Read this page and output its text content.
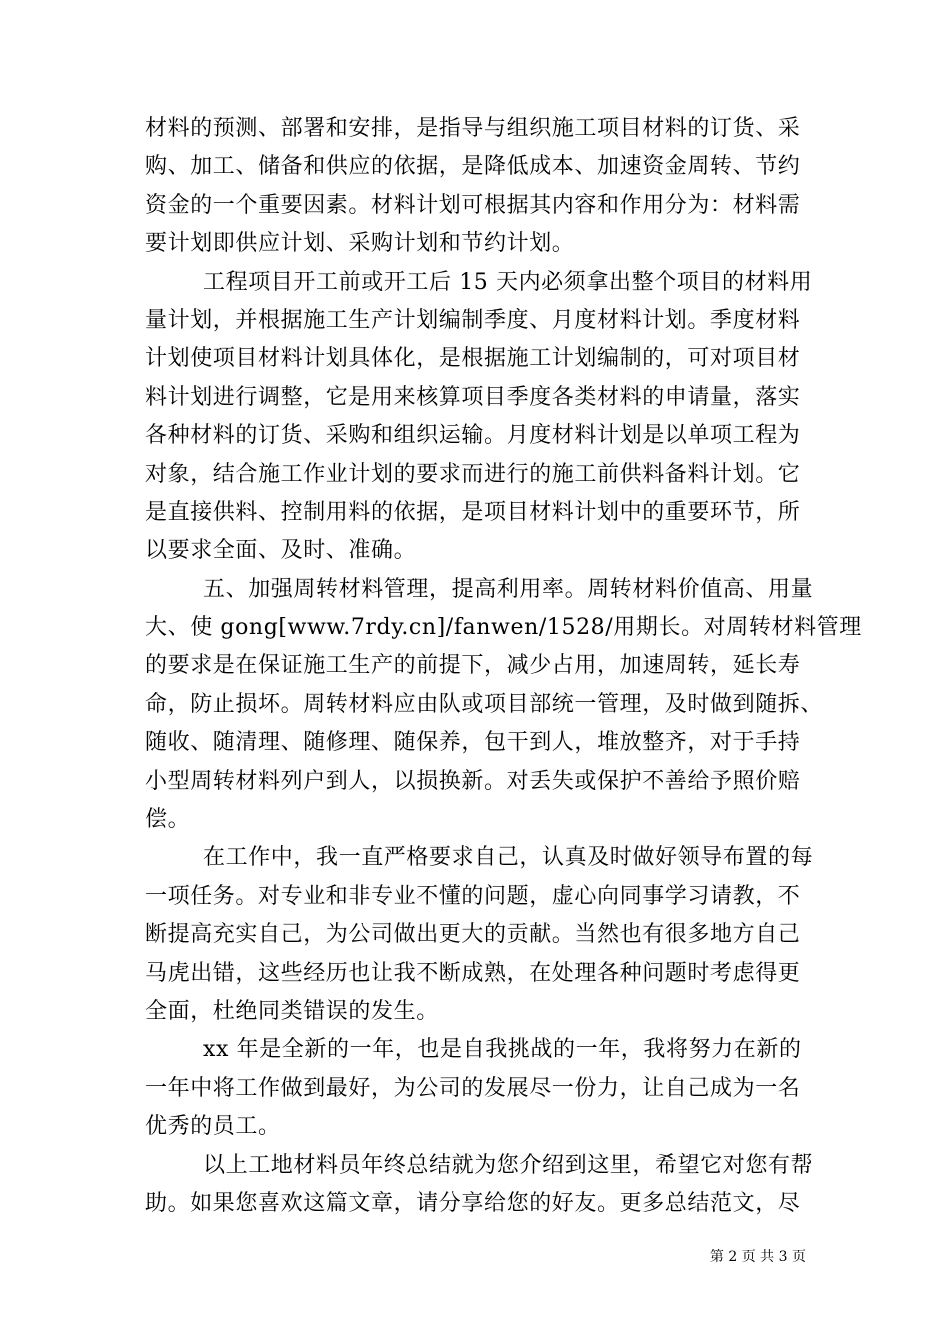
材料的预测、部署和安排，是指导与组织施工项目材料的订货、采
购、加工、储备和供应的依据，是降低成本、加速资金周转、节约
资金的一个重要因素。材料计划可根据其内容和作用分为：材料需
要计划即供应计划、采购计划和节约计划。
工程项目开工前或开工后 15 天内必须拿出整个项目的材料用
量计划，并根据施工生产计划编制季度、月度材料计划。季度材料
计划使项目材料计划具体化，是根据施工计划编制的，可对项目材
料计划进行调整，它是用来核算项目季度各类材料的申请量，落实
各种材料的订货、采购和组织运输。月度材料计划是以单项工程为
对象，结合施工作业计划的要求而进行的施工前供料备料计划。它
是直接供料、控制用料的依据，是项目材料计划中的重要环节，所
以要求全面、及时、准确。
五、加强周转材料管理，提高利用率。周转材料价值高、用量
大、使 gong[www.7rdy.cn]/fanwen/1528/用期长。对周转材料管理
的要求是在保证施工生产的前提下，减少占用，加速周转，延长寿
命，防止损坏。周转材料应由队或项目部统一管理，及时做到随拆、
随收、随清理、随修理、随保养，包干到人，堆放整齐，对于手持
小型周转材料列户到人，以损换新。对丢失或保护不善给予照价赔
偿。
在工作中，我一直严格要求自己，认真及时做好领导布置的每
一项任务。对专业和非专业不懂的问题，虚心向同事学习请教，不
断提高充实自己，为公司做出更大的贡献。当然也有很多地方自己
马虎出错，这些经历也让我不断成熟，在处理各种问题时考虑得更
全面，杜绝同类错误的发生。
xx 年是全新的一年，也是自我挑战的一年，我将努力在新的
一年中将工作做到最好，为公司的发展尽一份力，让自己成为一名
优秀的员工。
以上工地材料员年终总结就为您介绍到这里，希望它对您有帮
助。如果您喜欢这篇文章，请分享给您的好友。更多总结范文，尽
第 2 页 共 3 页
